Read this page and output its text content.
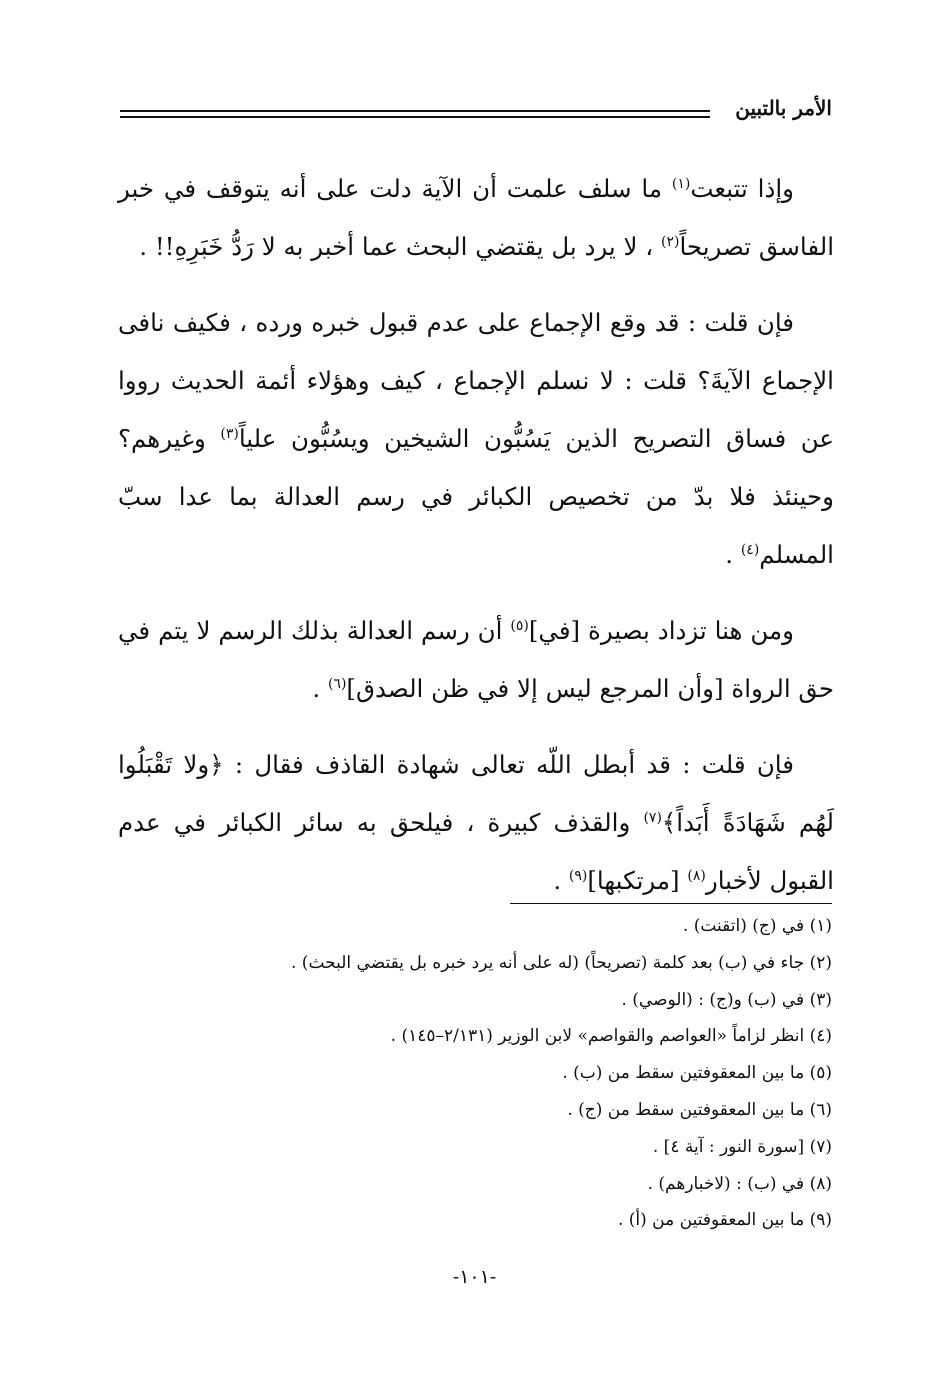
الأمر بالتبين

وإذا تتبعت$^{(١)}$ ما سلف علمت أن الآية دلت على أنه يتوقف في خبر الفاسق تصريحاً$^{(٢)}$ ، لا يرد بل يقتضي البحث عما أخبر به لا رَدُّ خَبَرِهِ!! .

فإن قلت : قد وقع الإجماع على عدم قبول خبره ورده ، فكيف نافى الإجماع الآيةَ؟ قلت : لا نسلم الإجماع ، كيف وهؤلاء أئمة الحديث رووا عن فساق التصريح الذين يَسُبُّون الشيخين ويسُبُّون علياً$^{(٣)}$ وغيرهم؟ وحينئذ فلا بدّ من تخصيص الكبائر في رسم العدالة بما عدا سبّ المسلم$^{(٤)}$ .

ومن هنا تزداد بصيرة [في]$^{(٥)}$ أن رسم العدالة بذلك الرسم لا يتم في حق الرواة [وأن المرجع ليس إلا في ظن الصدق]$^{(٦)}$ .

فإن قلت : قد أبطل اللّه تعالى شهادة القاذف فقال : ﴿ولا تَقْبَلُوا لَهُم شَهَادَةً أَبَداً﴾$^{(٧)}$ والقذف كبيرة ، فيلحق به سائر الكبائر في عدم القبول لأخبار$^{(٨)}$ [مرتكبها]$^{(٩)}$ .

(١) في (ج) (اتقنت) .
(٢) جاء في (ب) بعد كلمة (تصريحاً) (له على أنه يرد خبره بل يقتضي البحث) .
(٣) في (ب) و(ج) : (الوصي) .
(٤) انظر لزاماً «العواصم والقواصم» لابن الوزير (٢/١٣١–١٤٥) .
(٥) ما بين المعقوفتين سقط من (ب) .
(٦) ما بين المعقوفتين سقط من (ج) .
(٧) [سورة النور : آية ٤] .
(٨) في (ب) : (لاخبارهم) .
(٩) ما بين المعقوفتين من (أ) .
-١٠١-
